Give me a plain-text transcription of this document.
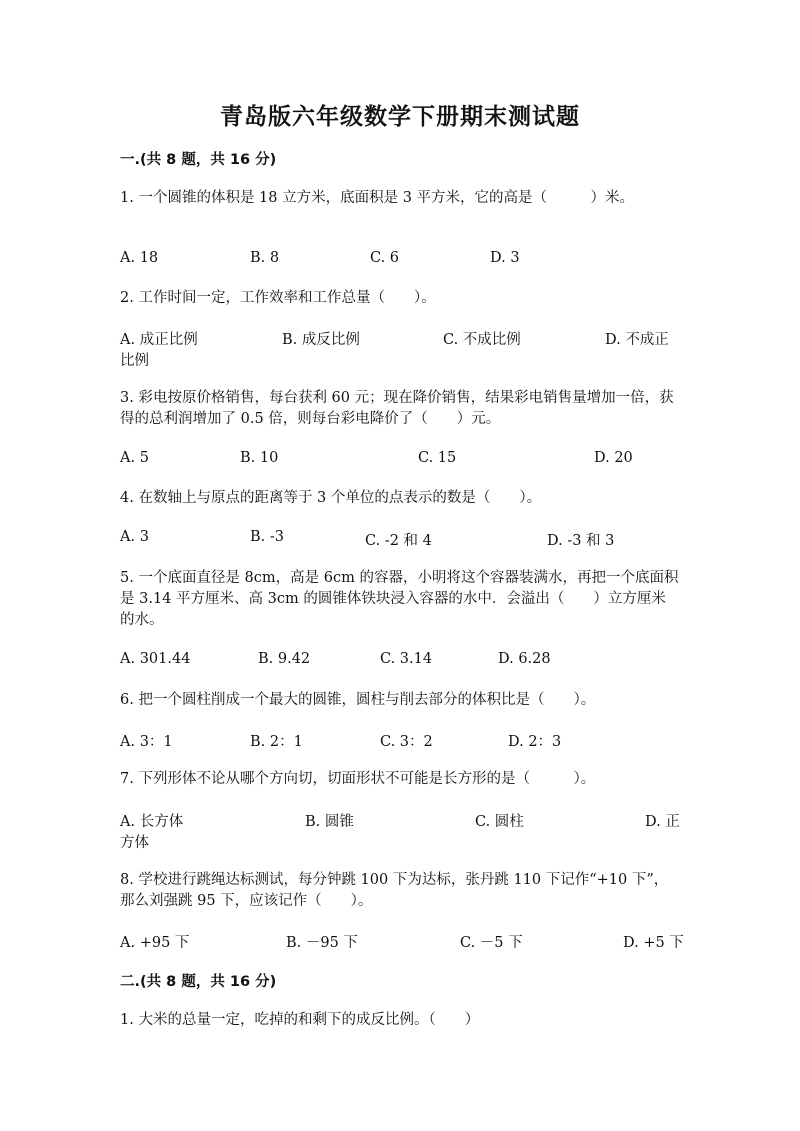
青岛版六年级数学下册期末测试题
一.(共 8 题，共 16 分)
1. 一个圆锥的体积是 18 立方米，底面积是 3 平方米，它的高是（　　　）米。
A. 18	B. 8	C. 6	D. 3
2. 工作时间一定，工作效率和工作总量（　　）。
A. 成正比例	B. 成反比例	C. 不成比例	D. 不成正
比例
3. 彩电按原价格销售，每台获利 60 元；现在降价销售，结果彩电销售量增加一倍，获得的总利润增加了 0.5 倍，则每台彩电降价了（　　）元。
A. 5	B. 10	C. 15	D. 20
4. 在数轴上与原点的距离等于 3 个单位的点表示的数是（　　）。
A. 3	B. -3	C. -2 和 4	D. -3 和 3
5. 一个底面直径是 8cm，高是 6cm 的容器，小明将这个容器装满水，再把一个底面积是 3.14 平方厘米、高 3cm 的圆锥体铁块浸入容器的水中．会溢出（　　）立方厘米的水。
A. 301.44	B. 9.42	C. 3.14	D. 6.28
6. 把一个圆柱削成一个最大的圆锥，圆柱与削去部分的体积比是（　　）。
A. 3：1	B. 2：1	C. 3：2	D. 2：3
7. 下列形体不论从哪个方向切，切面形状不可能是长方形的是（　　　）。
A. 长方体	B. 圆锥	C. 圆柱	D. 正
方体
8. 学校进行跳绳达标测试，每分钟跳 100 下为达标，张丹跳 110 下记作“+10 下”，那么刘强跳 95 下，应该记作（　　）。
A. +95 下	B. －95 下	C. －5 下	D. +5 下
二.(共 8 题，共 16 分)
1. 大米的总量一定，吃掉的和剩下的成反比例。（　　）
